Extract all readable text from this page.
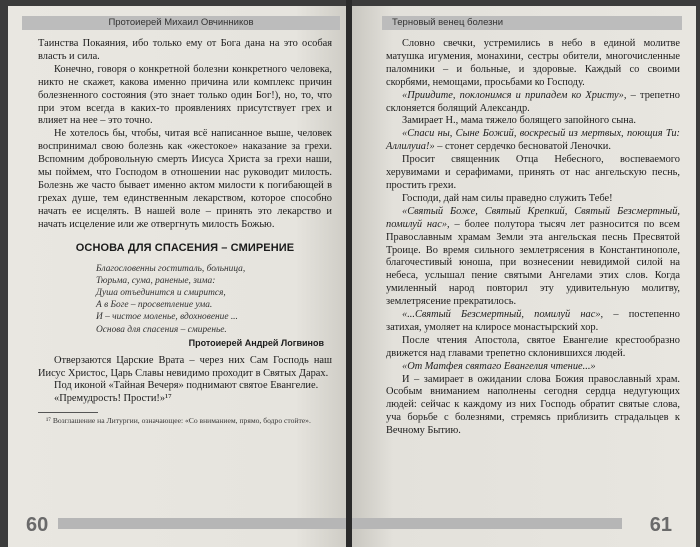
Протоиерей Михаил Овчинников

Таинства Покаяния, ибо только ему от Бога дана на это особая власть и сила.

Конечно, говоря о конкретной болезни конкретного человека, никто не скажет, какова именно причина или комплекс причин болезненного состояния (это знает только один Бог!), но, то, что при этом всегда в каких-то проявлениях присутствует грех и влияет на нее – это точно.

Не хотелось бы, чтобы, читая всё написанное выше, человек воспринимал свою болезнь как «жестокое» наказание за грехи. Вспомним добровольную смерть Иисуса Христа за грехи наши, мы поймем, что Господом в отношении нас руководит милость. Болезнь же часто бывает именно актом милости к погибающей в грехах душе, тем единственным лекарством, которое способно начать ее исцелять. В нашей воле – принять это лекарство и начать исцеление или же отвергнуть милость Божью.

ОСНОВА ДЛЯ СПАСЕНИЯ – СМИРЕНИЕ
Благословенны гоститаль, больница,
Тюрьма, сума, раненые, зима:
Душа отъединится и смирится,
А в Боге – просветление ума.
И – чистое моленье, вдохновение ...
Основа для спасения – смиренье.
Протоиерей Андрей Логвинов

Отверзаются Царские Врата – через них Сам Господь наш Иисус Христос, Царь Славы невидимо проходит в Святых Дарах.

Под иконой «Тайная Вечеря» поднимают святое Евангелие.

«Премудрость! Прости!»¹⁷

¹⁷ Возглашение на Литургии, означающее: «Со вниманием, прямо, бодро стойте».
60
Терновый венец болезни

Словно свечки, устремились в небо в единой молитве матушка игумения, монахини, сестры обители, многочисленные паломники – и больные, и здоровые. Каждый со своими скорбями, немощами, просьбами ко Господу.

«Приидите, поклонимся и припадем ко Христу», – трепетно склоняется болящий Александр.

Замирает Н., мама тяжело болящего запойного сына.

«Спаси ны, Сыне Божий, воскресый из мертвых, поющия Ти: Аллилуиа!» – стонет сердечко бесноватой Леночки.

Просит священник Отца Небесного, воспеваемого херувимами и серафимами, принять от нас ангельскую песнь, простить грехи.

Господи, дай нам силы праведно служить Тебе!

«Святый Боже, Святый Крепкий, Святый Безсмертный, помилуй нас», – более полутора тысяч лет разносится по всем Православным храмам Земли эта ангельская песнь Пресвятой Троице. Во время сильного землетрясения в Константинополе, благочестивый юноша, при вознесении невидимой силой на небеса, услышал пение святыми Ангелами этих слов. Когда умиленный народ повторил эту удивительную молитву, землетрясение прекратилось.

«...Святый Безсмертный, помилуй нас», – постепенно затихая, умоляет на клиросе монастырский хор.

После чтения Апостола, святое Евангелие крестообразно движется над главами трепетно склонившихся людей.

«От Матфея святаго Евангелия чтение...»

И – замирает в ожидании слова Божия православный храм. Особым вниманием наполнены сегодня сердца недугующих людей: сейчас к каждому из них Господь обратит святые слова, уча борьбе с болезнями, стремясь приблизить страдальцев к Вечному Бытию.

61
